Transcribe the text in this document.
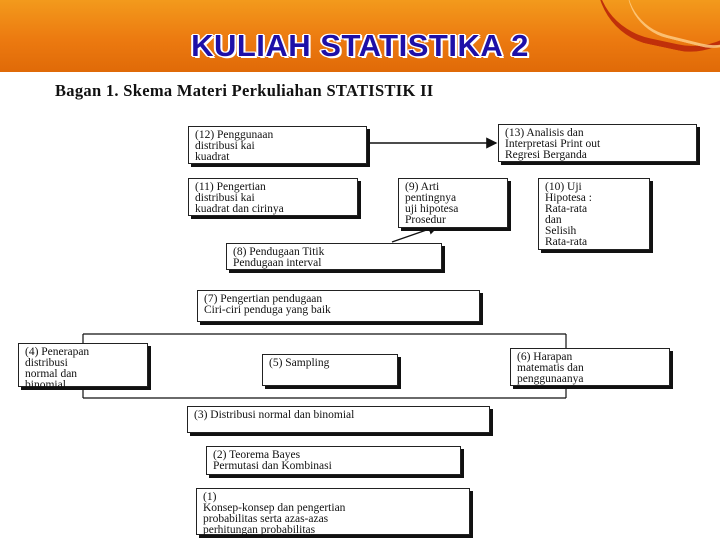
KULIAH STATISTIKA 2
Bagan 1. Skema Materi Perkuliahan STATISTIK II
(12) Penggunaan
distribusi kai
kuadrat
(13) Analisis dan
Interpretasi Print out
Regresi Berganda
(11) Pengertian
distribusi kai
kuadrat dan cirinya
(9) Arti
pentingnya
uji hipotesa
Prosedur
(10) Uji
Hipotesa :
Rata-rata
dan
Selisih
Rata-rata
(8) Pendugaan Titik
Pendugaan interval
(7) Pengertian pendugaan
Ciri-ciri penduga yang baik
(4) Penerapan
distribusi
normal dan
binomial
(5) Sampling	(6) Harapan
matematis dan
penggunaanya
(3) Distribusi normal dan binomial
(2) Teorema Bayes
Permutasi dan Kombinasi
(1)
Konsep-konsep dan pengertian
probabilitas serta azas-azas
perhitungan probabilitas
